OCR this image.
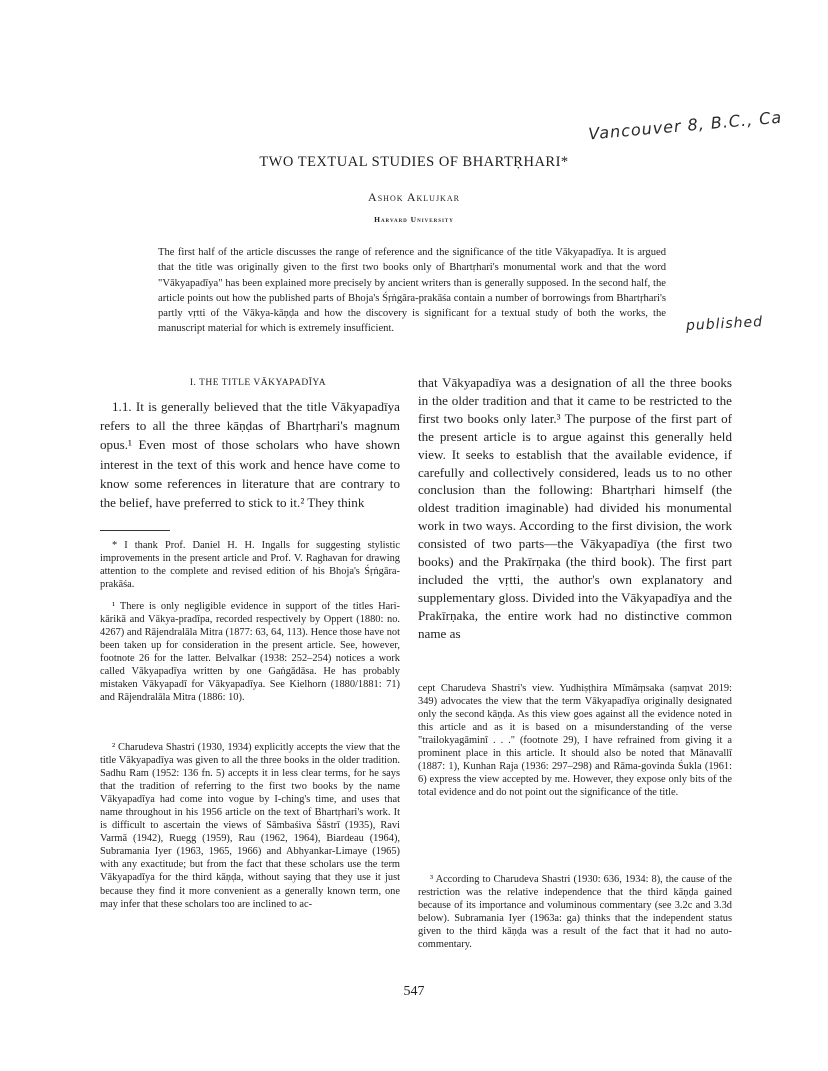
Vancouver 8, B.C., Ca
published
TWO TEXTUAL STUDIES OF BHARTṚHARI*
Ashok Aklujkar
Harvard University

The first half of the article discusses the range of reference and the significance of the title Vākyapadīya. It is argued that the title was originally given to the first two books only of Bhartṛhari's monumental work and that the word "Vākyapadīya" has been explained more precisely by ancient writers than is generally supposed. In the second half, the article points out how the published parts of Bhoja's Śṛṅgāra-prakāśa contain a number of borrowings from Bhartṛhari's partly vṛtti of the Vākya-kāṇḍa and how the discovery is significant for a textual study of both the works, the manuscript material for which is extremely insufficient.

I. THE TITLE VĀKYAPADĪYA

1.1. It is generally believed that the title Vākyapadīya refers to all the three kāṇḍas of Bhartṛhari's magnum opus.¹ Even most of those scholars who have shown interest in the text of this work and hence have come to know some references in literature that are contrary to the belief, have preferred to stick to it.² They think

* I thank Prof. Daniel H. H. Ingalls for suggesting stylistic improvements in the present article and Prof. V. Raghavan for drawing attention to the complete and revised edition of his Bhoja's Śṛṅgāra-prakāśa.

¹ There is only negligible evidence in support of the titles Hari-kārikā and Vākya-pradīpa, recorded respectively by Oppert (1880: no. 4267) and Rājendralāla Mitra (1877: 63, 64, 113). Hence those have not been taken up for consideration in the present article. See, however, footnote 26 for the latter. Belvalkar (1938: 252–254) notices a work called Vākyapadīya written by one Gaṅgādāsa. He has probably mistaken Vākyapadī for Vākyapadīya. See Kielhorn (1880/1881: 71) and Rājendralāla Mitra (1886: 10).

² Charudeva Shastri (1930, 1934) explicitly accepts the view that the title Vākyapadīya was given to all the three books in the older tradition. Sadhu Ram (1952: 136 fn. 5) accepts it in less clear terms, for he says that the tradition of referring to the first two books by the name Vākyapadīya had come into vogue by I-ching's time, and uses that name throughout in his 1956 article on the text of Bhartṛhari's work. It is difficult to ascertain the views of Sāmbaśiva Śāstrī (1935), Ravi Varmā (1942), Ruegg (1959), Rau (1962, 1964), Biardeau (1964), Subramania Iyer (1963, 1965, 1966) and Abhyankar-Limaye (1965) with any exactitude; but from the fact that these scholars use the term Vākyapadīya for the third kāṇḍa, without saying that they use it just because they find it more convenient as a generally known term, one may infer that these scholars too are inclined to ac-

that Vākyapadīya was a designation of all the three books in the older tradition and that it came to be restricted to the first two books only later.³ The purpose of the first part of the present article is to argue against this generally held view. It seeks to establish that the available evidence, if carefully and collectively considered, leads us to no other conclusion than the following: Bhartṛhari himself (the oldest tradition imaginable) had divided his monumental work in two ways. According to the first division, the work consisted of two parts—the Vākyapadīya (the first two books) and the Prakīrṇaka (the third book). The first part included the vṛtti, the author's own explanatory and supplementary gloss. Divided into the Vākyapadīya and the Prakīrṇaka, the entire work had no distinctive common name as

cept Charudeva Shastri's view. Yudhiṣṭhira Mīmāṃsaka (saṃvat 2019: 349) advocates the view that the term Vākyapadīya originally designated only the second kāṇḍa. As this view goes against all the evidence noted in this article and as it is based on a misunderstanding of the verse "trailokyagāminī . . ." (footnote 29), I have refrained from giving it a prominent place in this article. It should also be noted that Mānavallī (1887: 1), Kunhan Raja (1936: 297–298) and Rāma-govinda Śukla (1961: 6) express the view accepted by me. However, they expose only bits of the total evidence and do not point out the significance of the title.

³ According to Charudeva Shastri (1930: 636, 1934: 8), the cause of the restriction was the relative independence that the third kāṇḍa gained because of its importance and voluminous commentary (see 3.2c and 3.3d below). Subramania Iyer (1963a: ga) thinks that the independent status given to the third kāṇḍa was a result of the fact that it had no auto-commentary.

547
